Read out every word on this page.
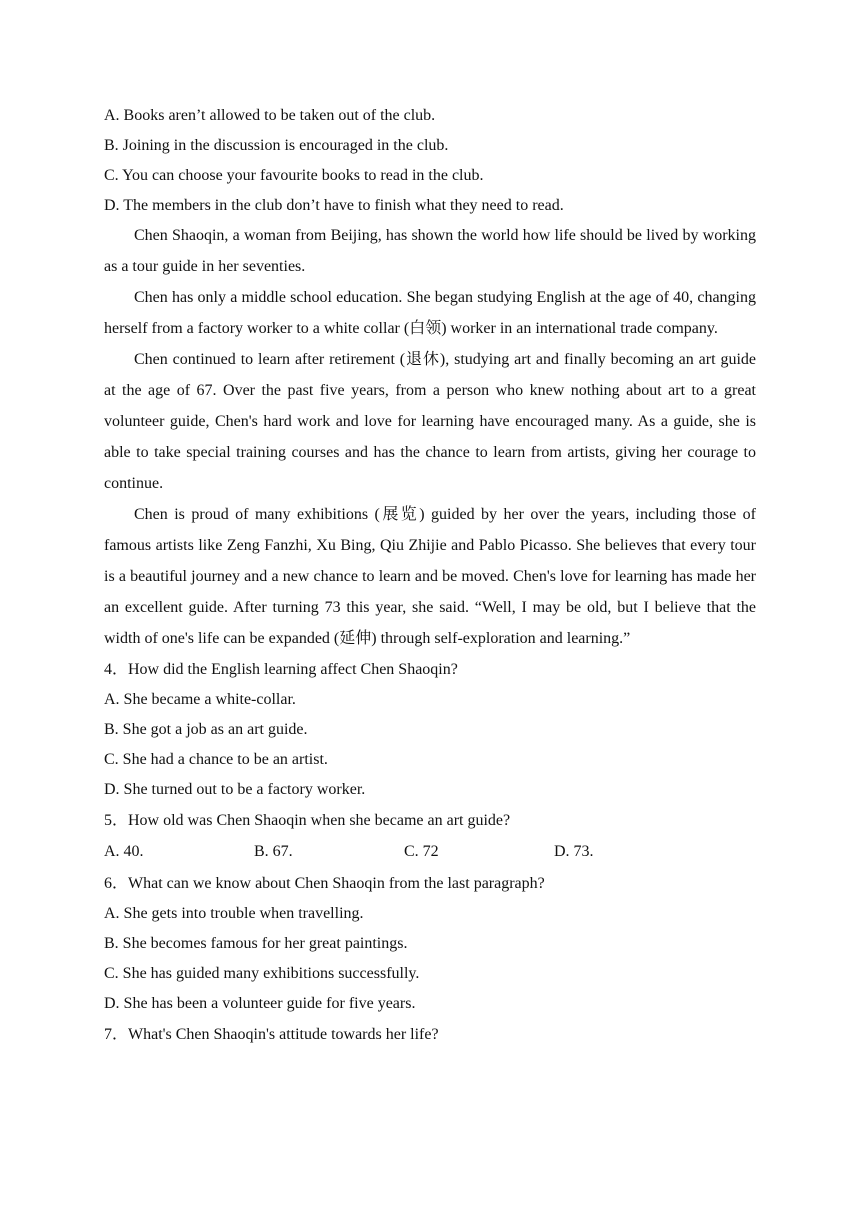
A. Books aren’t allowed to be taken out of the club.

B. Joining in the discussion is encouraged in the club.

C. You can choose your favourite books to read in the club.

D. The members in the club don’t have to finish what they need to read.

Chen Shaoqin, a woman from Beijing, has shown the world how life should be lived by working as a tour guide in her seventies.

Chen has only a middle school education. She began studying English at the age of 40, changing herself from a factory worker to a white collar (白领) worker in an international trade company.

Chen continued to learn after retirement (退休), studying art and finally becoming an art guide at the age of 67. Over the past five years, from a person who knew nothing about art to a great volunteer guide, Chen's hard work and love for learning have encouraged many. As a guide, she is able to take special training courses and has the chance to learn from artists, giving her courage to continue.

Chen is proud of many exhibitions (展览) guided by her over the years, including those of famous artists like Zeng Fanzhi, Xu Bing, Qiu Zhijie and Pablo Picasso. She believes that every tour is a beautiful journey and a new chance to learn and be moved. Chen's love for learning has made her an excellent guide. After turning 73 this year, she said. “Well, I may be old, but I believe that the width of one's life can be expanded (延伸) through self-exploration and learning.”

4．How did the English learning affect Chen Shaoqin?

A. She became a white-collar.

B. She got a job as an art guide.

C. She had a chance to be an artist.

D. She turned out to be a factory worker.

5．How old was Chen Shaoqin when she became an art guide?

A. 40.	B. 67.	C. 72	D. 73.

6．What can we know about Chen Shaoqin from the last paragraph?

A. She gets into trouble when travelling.

B. She becomes famous for her great paintings.

C. She has guided many exhibitions successfully.

D. She has been a volunteer guide for five years.

7．What's Chen Shaoqin's attitude towards her life?
